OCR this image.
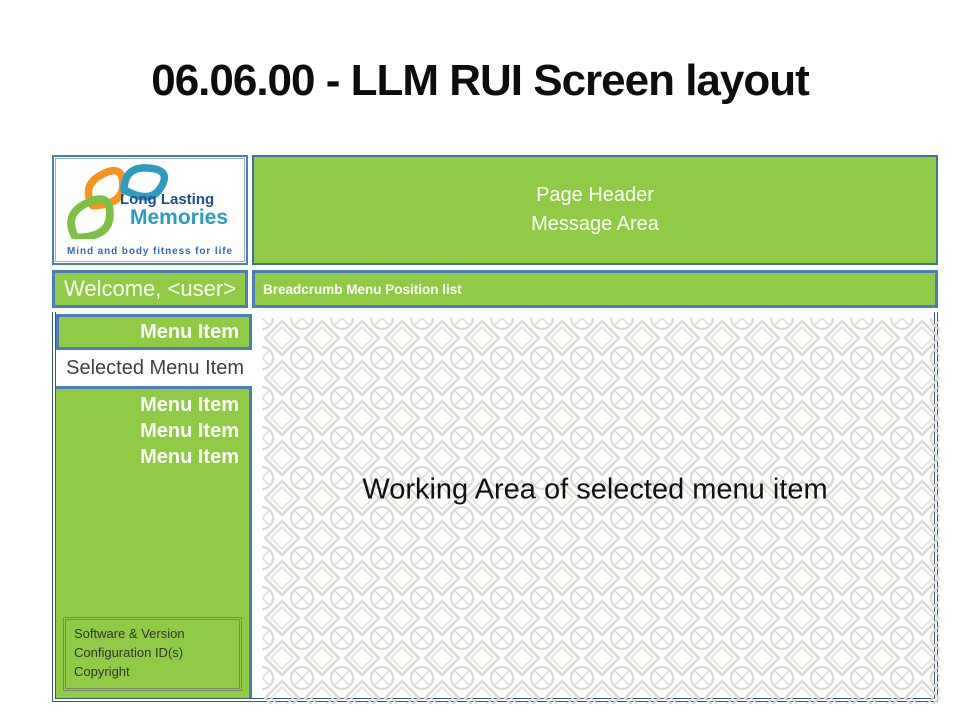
06.06.00 - LLM RUI Screen layout
Long Lasting
Memories
Mind and body fitness for life
Page Header
Message Area
Welcome, <user> Breadcrumb Menu Position list
Menu Item
Selected Menu Item
Menu Item
Menu Item
Menu Item
Software & Version
Configuration ID(s)
Copyright
Working Area of selected menu item
